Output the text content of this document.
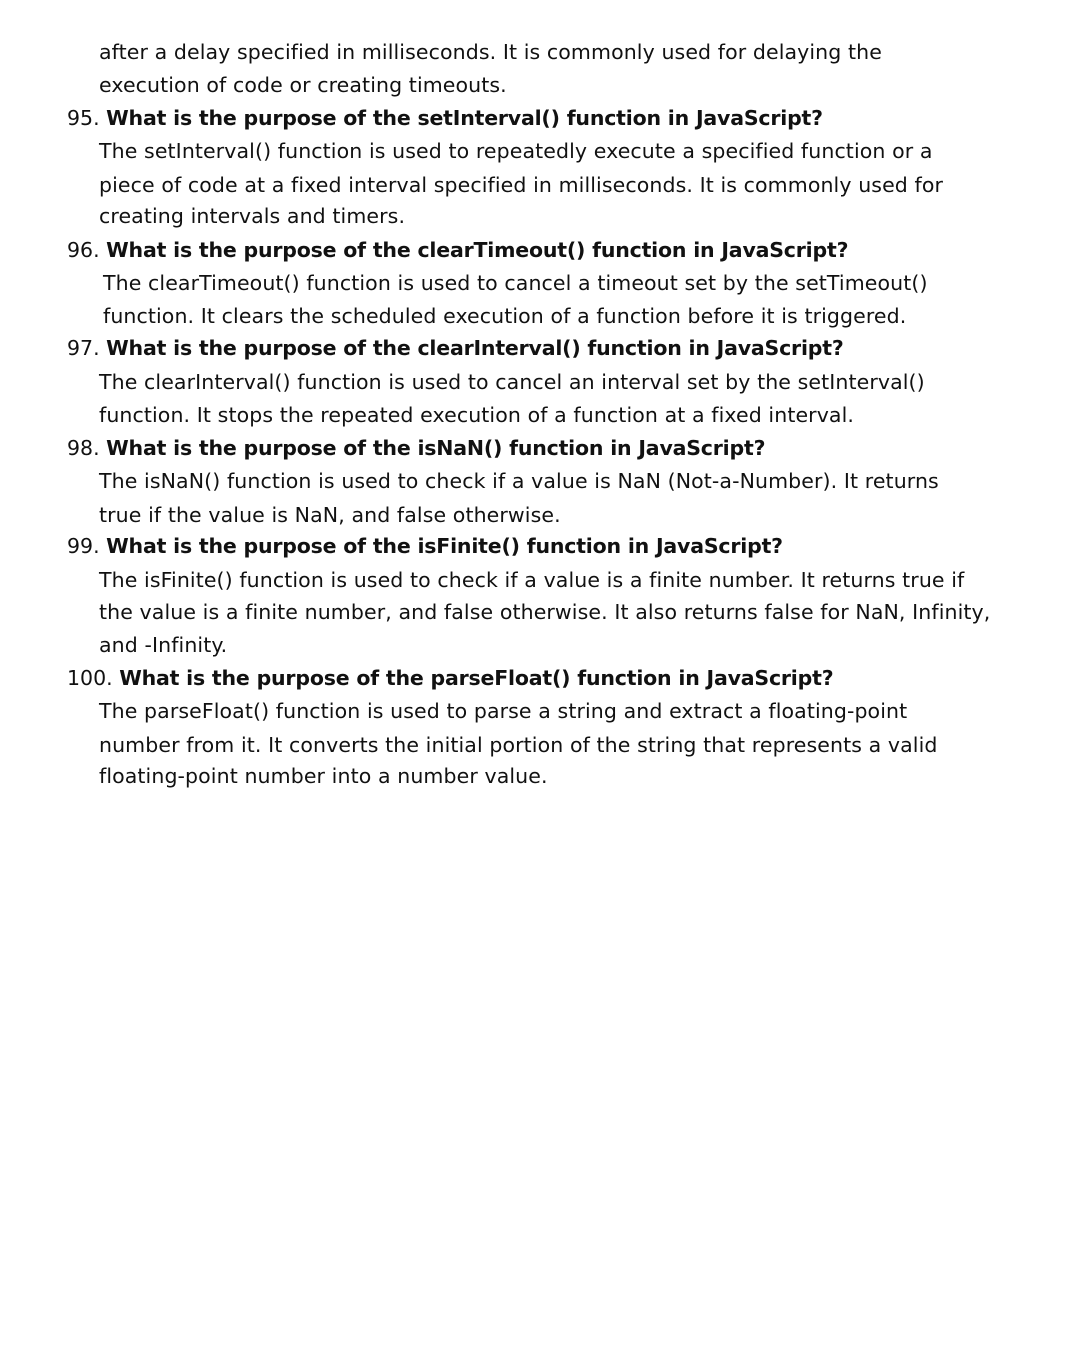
after a delay specified in milliseconds. It is commonly used for delaying the
execution of code or creating timeouts.
95. What is the purpose of the setInterval() function in JavaScript?
The setInterval() function is used to repeatedly execute a specified function or a
piece of code at a fixed interval specified in milliseconds. It is commonly used for
creating intervals and timers.
96. What is the purpose of the clearTimeout() function in JavaScript?
The clearTimeout() function is used to cancel a timeout set by the setTimeout()
function. It clears the scheduled execution of a function before it is triggered.
97. What is the purpose of the clearInterval() function in JavaScript?
The clearInterval() function is used to cancel an interval set by the setInterval()
function. It stops the repeated execution of a function at a fixed interval.
98. What is the purpose of the isNaN() function in JavaScript?
The isNaN() function is used to check if a value is NaN (Not-a-Number). It returns
true if the value is NaN, and false otherwise.
99. What is the purpose of the isFinite() function in JavaScript?
The isFinite() function is used to check if a value is a finite number. It returns true if
the value is a finite number, and false otherwise. It also returns false for NaN, Infinity,
and -Infinity.
100. What is the purpose of the parseFloat() function in JavaScript?
The parseFloat() function is used to parse a string and extract a floating-point
number from it. It converts the initial portion of the string that represents a valid
floating-point number into a number value.
